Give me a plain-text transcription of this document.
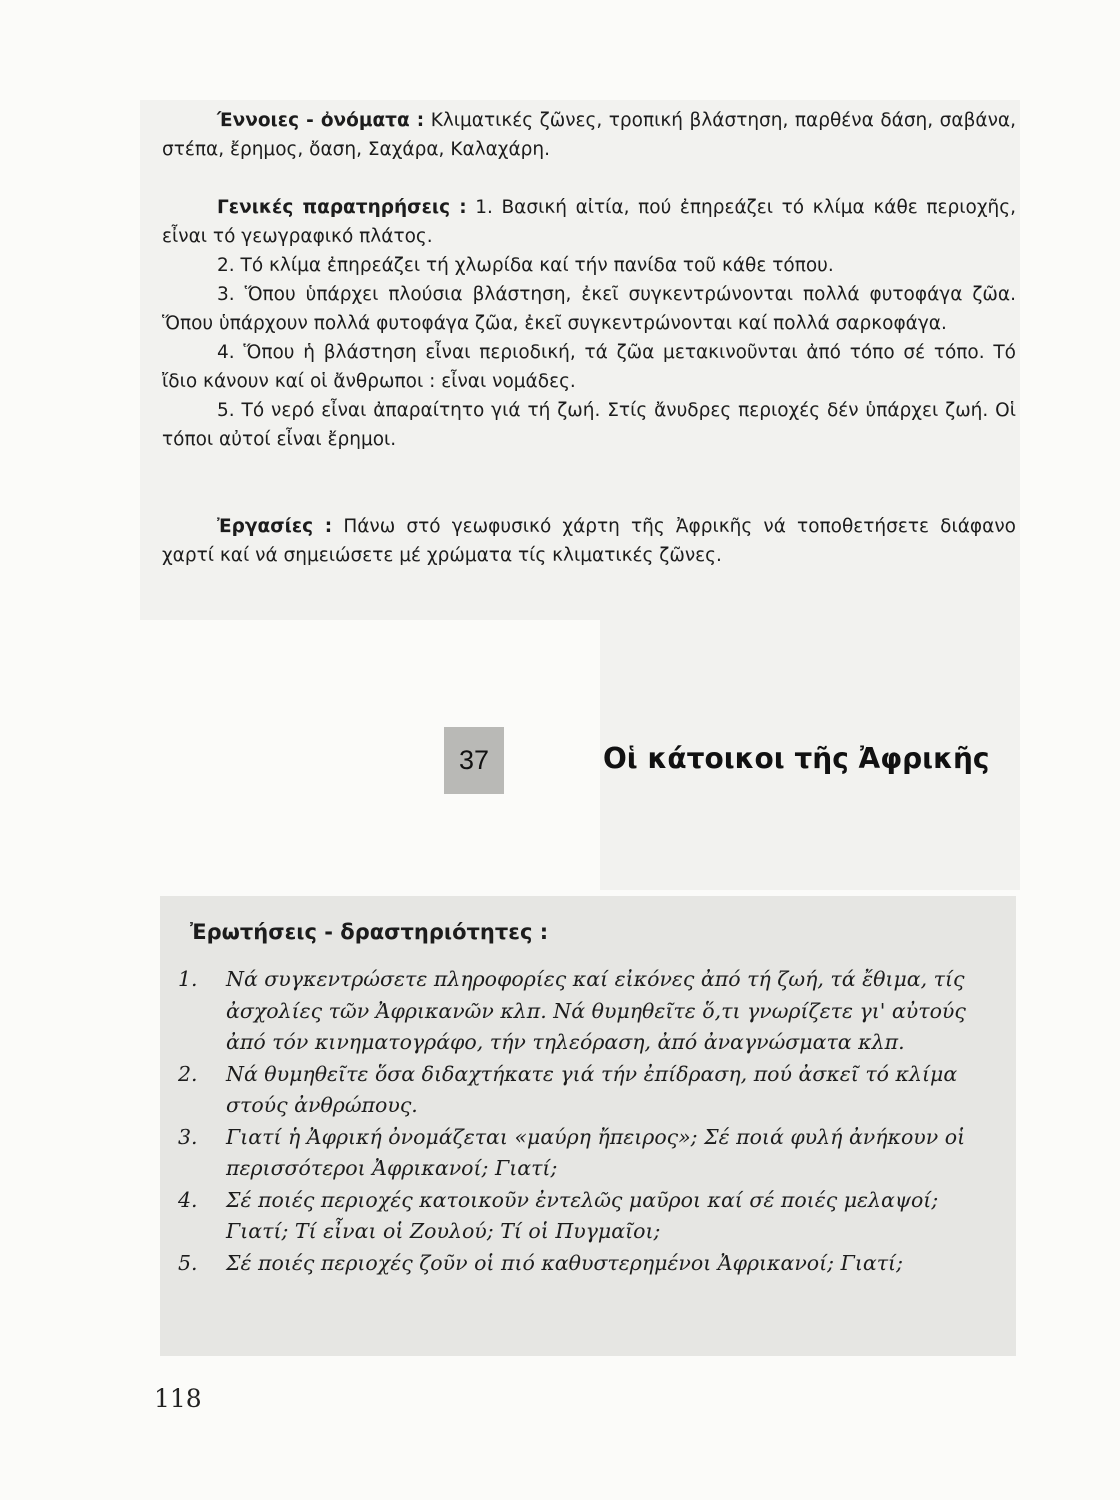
Έννοιες - ὀνόματα : Κλιματικές ζῶνες, τροπική βλάστηση, παρθένα δάση, σαβάνα, στέπα, ἔρημος, ὄαση, Σαχάρα, Καλαχάρη.

Γενικές παρατηρήσεις : 1. Βασική αἰτία, πού ἐπηρεάζει τό κλίμα κάθε περιοχῆς, εἶναι τό γεωγραφικό πλάτος.

2. Τό κλίμα ἐπηρεάζει τή χλωρίδα καί τήν πανίδα τοῦ κάθε τόπου.

3. Ὅπου ὑπάρχει πλούσια βλάστηση, ἐκεῖ συγκεντρώνονται πολλά φυτοφάγα ζῶα. Ὅπου ὑπάρχουν πολλά φυτοφάγα ζῶα, ἐκεῖ συγκεντρώνονται καί πολλά σαρκοφάγα.

4. Ὅπου ἡ βλάστηση εἶναι περιοδική, τά ζῶα μετακινοῦνται ἀπό τόπο σέ τόπο. Τό ἴδιο κάνουν καί οἱ ἄνθρωποι : εἶναι νομάδες.

5. Τό νερό εἶναι ἀπαραίτητο γιά τή ζωή. Στίς ἄνυδρες περιοχές δέν ὑπάρχει ζωή. Οἱ τόποι αὐτοί εἶναι ἔρημοι.

Ἐργασίες : Πάνω στό γεωφυσικό χάρτη τῆς Ἀφρικῆς νά τοποθετήσετε διάφανο χαρτί καί νά σημειώσετε μέ χρώματα τίς κλιματικές ζῶνες.

37	Οἱ κάτοικοι τῆς Ἀφρικῆς
Ἐρωτήσεις - δραστηριότητες :
1.	Νά συγκεντρώσετε πληροφορίες καί εἰκόνες ἀπό τή ζωή, τά ἔθιμα, τίς ἀσχολίες τῶν Ἀφρικανῶν κλπ. Νά θυμηθεῖτε ὅ,τι γνωρίζετε γι' αὐτούς ἀπό τόν κινηματογράφο, τήν τηλεόραση, ἀπό ἀναγνώσματα κλπ.
2.	Νά θυμηθεῖτε ὅσα διδαχτήκατε γιά τήν ἐπίδραση, πού ἀσκεῖ τό κλίμα στούς ἀνθρώπους.
3.	Γιατί ἡ Ἀφρική ὀνομάζεται «μαύρη ἤπειρος»; Σέ ποιά φυλή ἀνήκουν οἱ περισσότεροι Ἀφρικανοί; Γιατί;
4.	Σέ ποιές περιοχές κατοικοῦν ἐντελῶς μαῦροι καί σέ ποιές μελαψοί; Γιατί; Τί εἶναι οἱ Ζουλού; Τί οἱ Πυγμαῖοι;
5.	Σέ ποιές περιοχές ζοῦν οἱ πιό καθυστερημένοι Ἀφρικανοί; Γιατί;
118
